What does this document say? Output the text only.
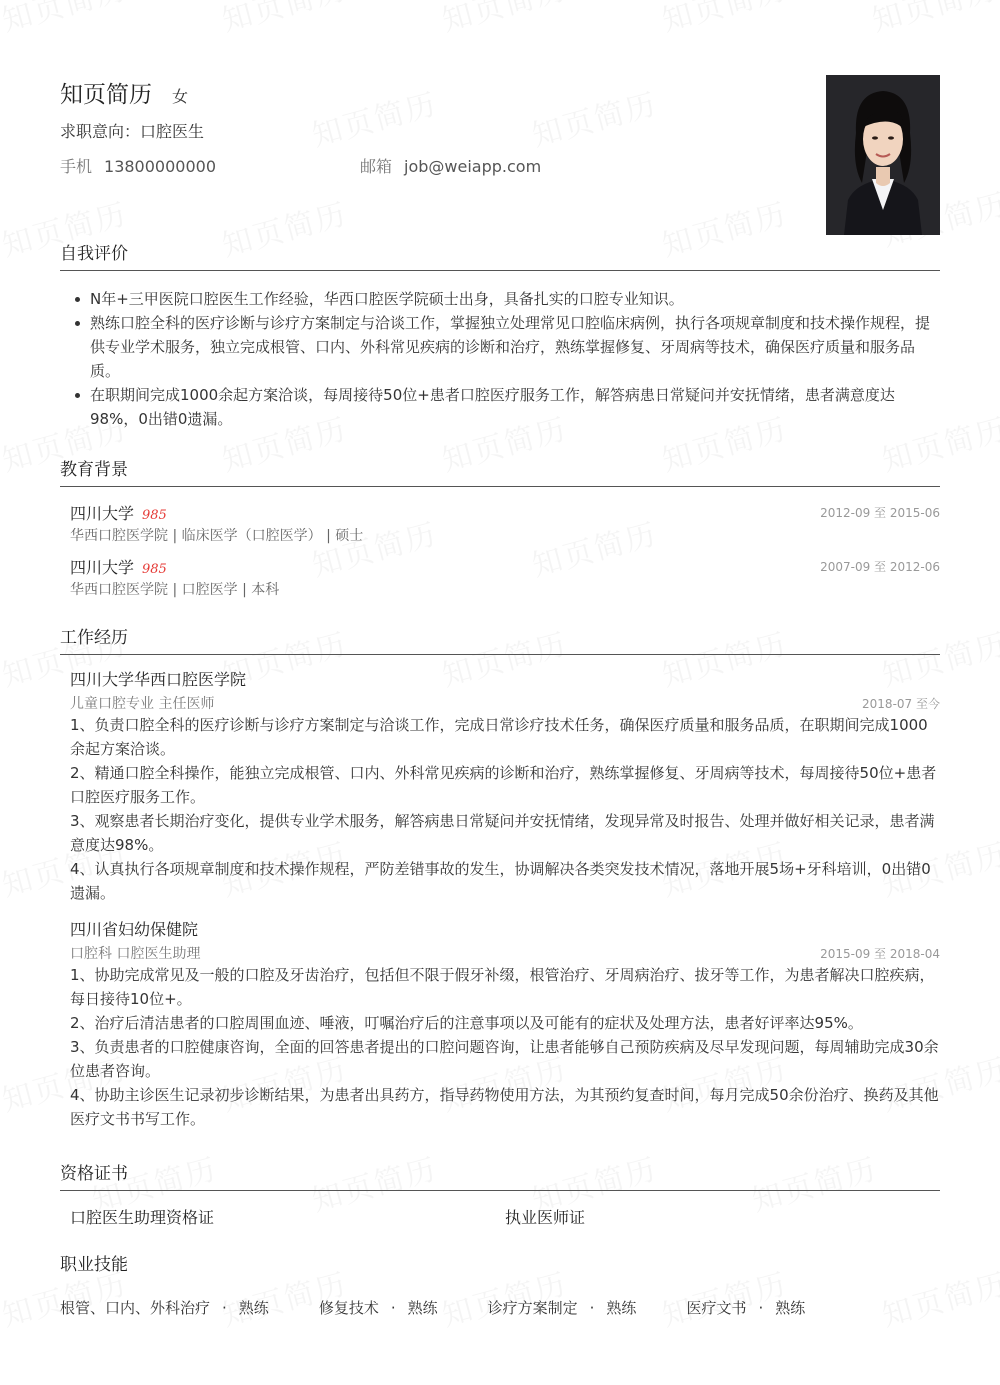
知页简历 女
求职意向：口腔医生
手机 13800000000	邮箱 job@weiapp.com
自我评价
N年+三甲医院口腔医生工作经验，华西口腔医学院硕士出身，具备扎实的口腔专业知识。
熟练口腔全科的医疗诊断与诊疗方案制定与洽谈工作，掌握独立处理常见口腔临床病例，执行各项规章制度和技术操作规程，提供专业学术服务，独立完成根管、口内、外科常见疾病的诊断和治疗，熟练掌握修复、牙周病等技术，确保医疗质量和服务品质。
在职期间完成1000余起方案洽谈，每周接待50位+患者口腔医疗服务工作，解答病患日常疑问并安抚情绪，患者满意度达98%，0出错0遗漏。
教育背景
四川大学 985	2012-09 至 2015-06
华西口腔医学院 | 临床医学（口腔医学） | 硕士
四川大学 985	2007-09 至 2012-06
华西口腔医学院 | 口腔医学 | 本科
工作经历
四川大学华西口腔医学院
儿童口腔专业 主任医师	2018-07 至今

1、负责口腔全科的医疗诊断与诊疗方案制定与洽谈工作，完成日常诊疗技术任务，确保医疗质量和服务品质，在职期间完成1000余起方案洽谈。

2、精通口腔全科操作，能独立完成根管、口内、外科常见疾病的诊断和治疗，熟练掌握修复、牙周病等技术，每周接待50位+患者口腔医疗服务工作。

3、观察患者长期治疗变化，提供专业学术服务，解答病患日常疑问并安抚情绪，发现异常及时报告、处理并做好相关记录，患者满意度达98%。

4、认真执行各项规章制度和技术操作规程，严防差错事故的发生，协调解决各类突发技术情况，落地开展5场+牙科培训，0出错0遗漏。

四川省妇幼保健院
口腔科 口腔医生助理	2015-09 至 2018-04

1、协助完成常见及一般的口腔及牙齿治疗，包括但不限于假牙补缀，根管治疗、牙周病治疗、拔牙等工作，为患者解决口腔疾病，每日接待10位+。

2、治疗后清洁患者的口腔周围血迹、唾液，叮嘱治疗后的注意事项以及可能有的症状及处理方法，患者好评率达95%。

3、负责患者的口腔健康咨询，全面的回答患者提出的口腔问题咨询，让患者能够自己预防疾病及尽早发现问题，每周辅助完成30余位患者咨询。

4、协助主诊医生记录初步诊断结果，为患者出具药方，指导药物使用方法，为其预约复查时间，每月完成50余份治疗、换药及其他医疗文书书写工作。

资格证书
口腔医生助理资格证	执业医师证
职业技能
根管、口内、外科治疗 · 熟练	修复技术 · 熟练	诊疗方案制定 · 熟练	医疗文书 · 熟练
